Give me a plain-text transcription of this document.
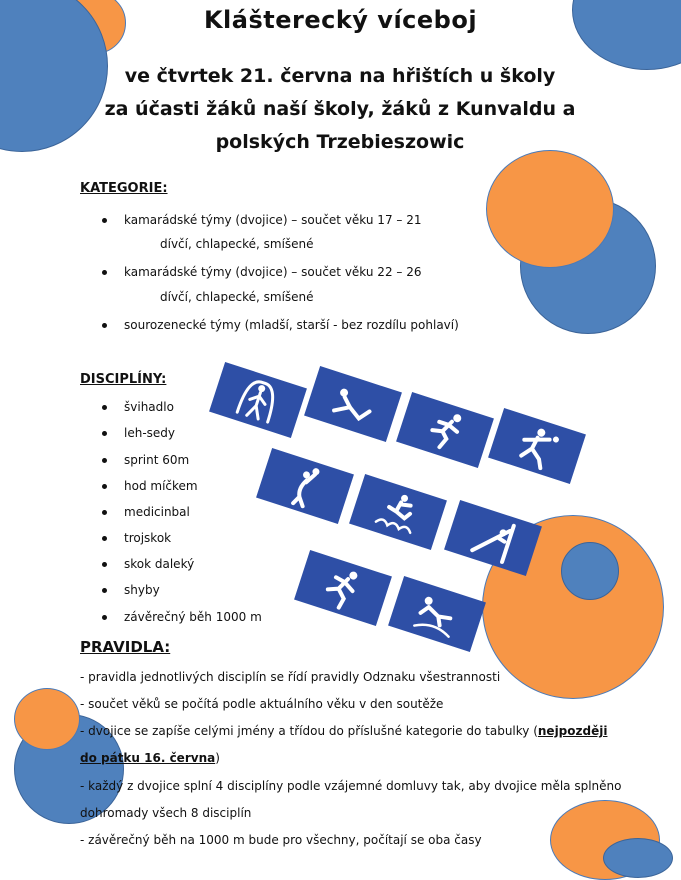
Klášterecký víceboj
ve čtvrtek 21. června na hřištích u školy
za účasti žáků naší školy, žáků z Kunvaldu a
polských Trzebieszowic
KATEGORIE:
kamarádské týmy (dvojice) – součet věku 17 – 21
dívčí, chlapecké, smíšené
kamarádské týmy (dvojice) – součet věku 22 – 26
dívčí, chlapecké, smíšené
sourozenecké týmy (mladší, starší - bez rozdílu pohlaví)
DISCIPLÍNY:
švihadlo
leh-sedy
sprint 60m
hod míčkem
medicinbal
trojskok
skok daleký
shyby
závěrečný běh 1000 m
PRAVIDLA:
- pravidla jednotlivých disciplín se řídí pravidly Odznaku všestrannosti
- součet věků se počítá podle aktuálního věku v den soutěže
- dvojice se zapíše celými jmény a třídou do příslušné kategorie do tabulky (nejpozději
do pátku 16. června)
- každý z dvojice splní 4 disciplíny podle vzájemné domluvy tak, aby dvojice měla splněno
dohromady všech 8 disciplín
- závěrečný běh na 1000 m bude pro všechny, počítají se oba časy
